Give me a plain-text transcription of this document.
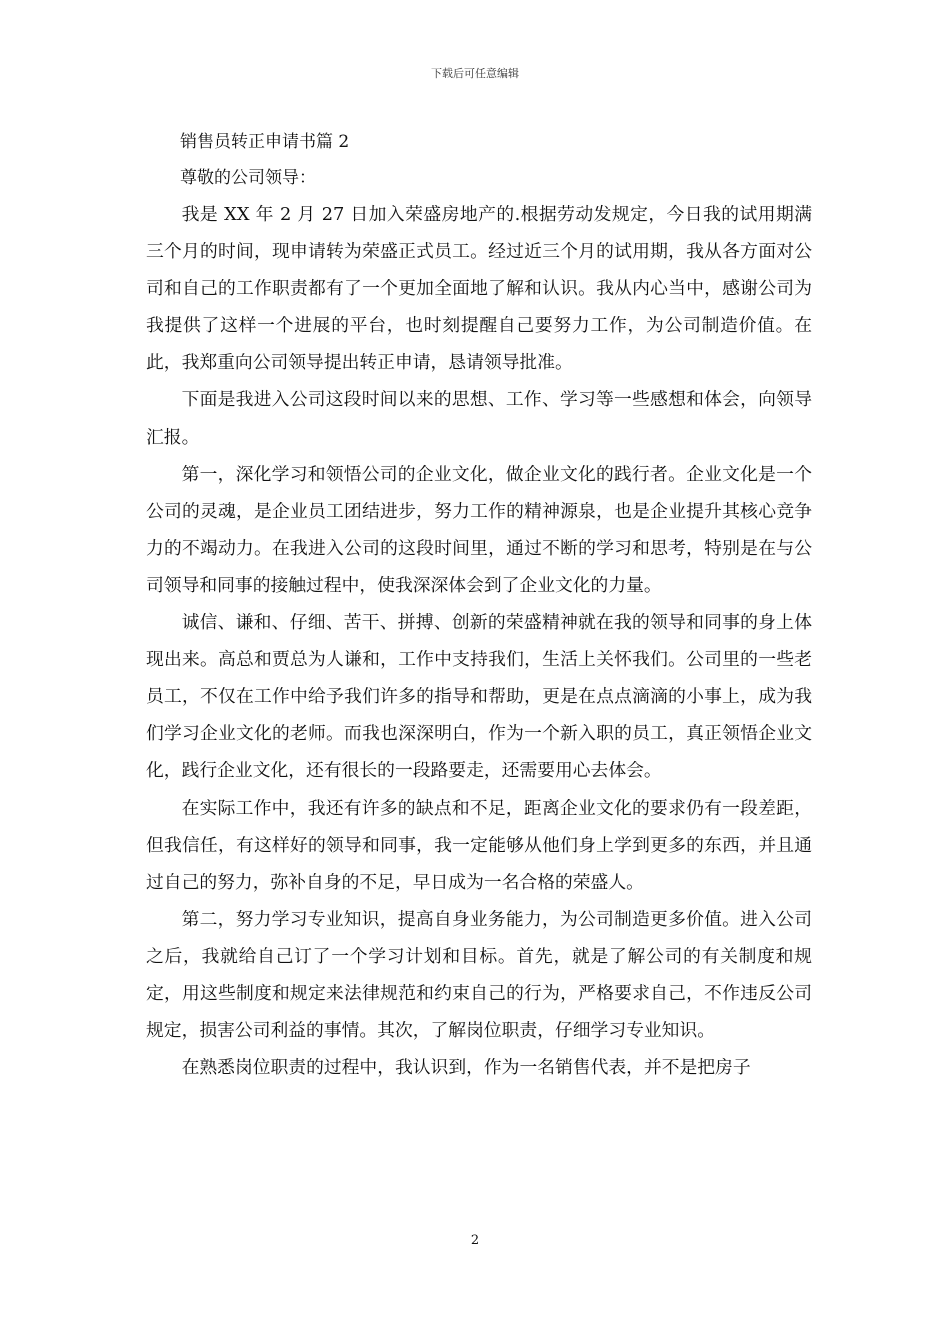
下载后可任意编辑

销售员转正申请书篇 2

尊敬的公司领导：

我是 XX 年 2 月 27 日加入荣盛房地产的.根据劳动发规定，今日我的试用期满三个月的时间，现申请转为荣盛正式员工。经过近三个月的试用期，我从各方面对公司和自己的工作职责都有了一个更加全面地了解和认识。我从内心当中，感谢公司为我提供了这样一个进展的平台，也时刻提醒自己要努力工作，为公司制造价值。在此，我郑重向公司领导提出转正申请，恳请领导批准。

下面是我进入公司这段时间以来的思想、工作、学习等一些感想和体会，向领导汇报。

第一，深化学习和领悟公司的企业文化，做企业文化的践行者。企业文化是一个公司的灵魂，是企业员工团结进步，努力工作的精神源泉，也是企业提升其核心竞争力的不竭动力。在我进入公司的这段时间里，通过不断的学习和思考，特别是在与公司领导和同事的接触过程中，使我深深体会到了企业文化的力量。

诚信、谦和、仔细、苦干、拼搏、创新的荣盛精神就在我的领导和同事的身上体现出来。高总和贾总为人谦和，工作中支持我们，生活上关怀我们。公司里的一些老员工，不仅在工作中给予我们许多的指导和帮助，更是在点点滴滴的小事上，成为我们学习企业文化的老师。而我也深深明白，作为一个新入职的员工，真正领悟企业文化，践行企业文化，还有很长的一段路要走，还需要用心去体会。

在实际工作中，我还有许多的缺点和不足，距离企业文化的要求仍有一段差距，但我信任，有这样好的领导和同事，我一定能够从他们身上学到更多的东西，并且通过自己的努力，弥补自身的不足，早日成为一名合格的荣盛人。

第二，努力学习专业知识，提高自身业务能力，为公司制造更多价值。进入公司之后，我就给自己订了一个学习计划和目标。首先，就是了解公司的有关制度和规定，用这些制度和规定来法律规范和约束自己的行为，严格要求自己，不作违反公司规定，损害公司利益的事情。其次，了解岗位职责，仔细学习专业知识。

在熟悉岗位职责的过程中，我认识到，作为一名销售代表，并不是把房子

2
